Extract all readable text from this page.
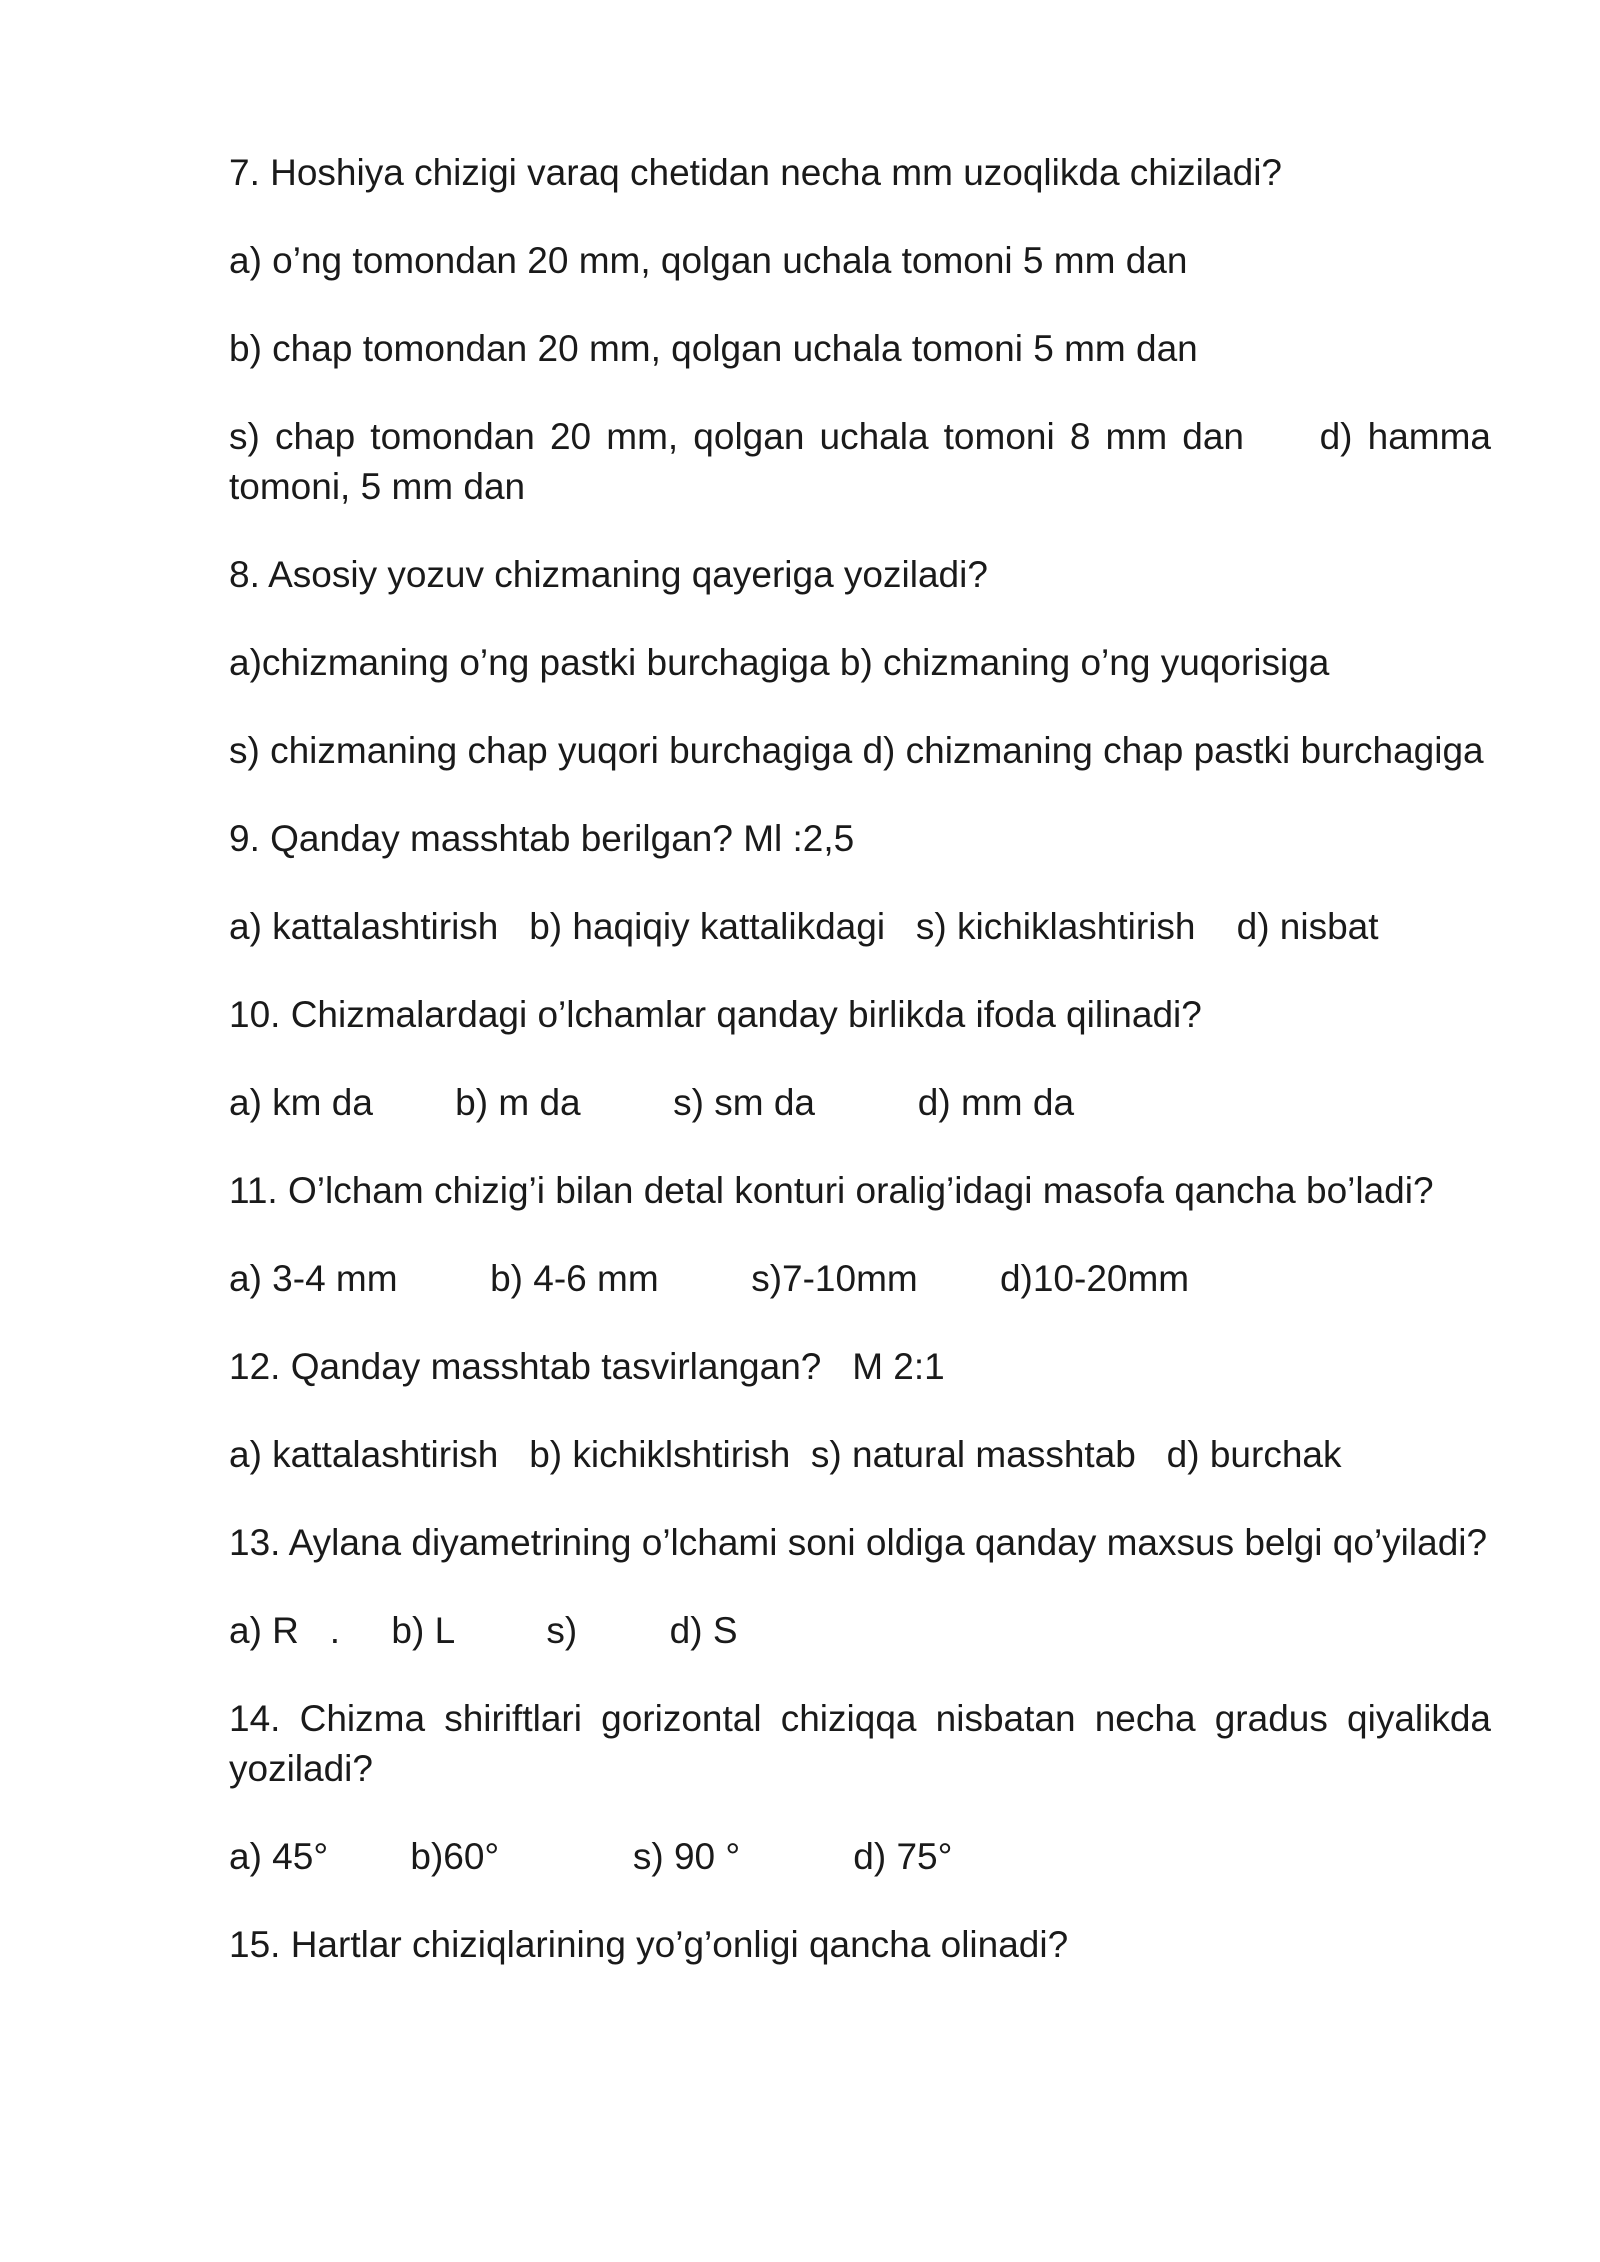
7. Hoshiya chizigi varaq chetidan necha mm uzoqlikda chiziladi?
a) o’ng tomondan 20 mm, qolgan uchala tomoni 5 mm dan
b) chap tomondan 20 mm, qolgan uchala tomoni 5 mm dan
s) chap tomondan 20 mm, qolgan uchala tomoni 8 mm dan     d) hamma tomoni, 5 mm dan
8. Asosiy yozuv chizmaning qayeriga yoziladi?
a)chizmaning o’ng pastki burchagiga b) chizmaning o’ng yuqorisiga
s) chizmaning chap yuqori burchagiga d) chizmaning chap pastki burchagiga
9. Qanday masshtab berilgan? Ml :2,5
a) kattalashtirish   b) haqiqiy kattalikdagi   s) kichiklashtirish    d) nisbat
10. Chizmalardagi o’lchamlar qanday birlikda ifoda qilinadi?
a) km da        b) m da         s) sm da          d) mm da
11. O’lcham chizig’i bilan detal konturi oralig’idagi masofa qancha bo’ladi?
a) 3-4 mm         b) 4-6 mm         s)7-10mm        d)10-20mm
12. Qanday masshtab tasvirlangan?   M 2:1
a) kattalashtirish   b) kichiklshtirish  s) natural masshtab   d) burchak
13. Aylana diyametrining o’lchami soni oldiga qanday maxsus belgi qo’yiladi?
a) R   .     b) L         s)         d) S
14. Chizma shiriftlari gorizontal chiziqqa nisbatan necha gradus qiyalikda yoziladi?
a) 45°        b)60°             s) 90 °           d) 75°
15. Hartlar chiziqlarining yo’g’onligi qancha olinadi?
